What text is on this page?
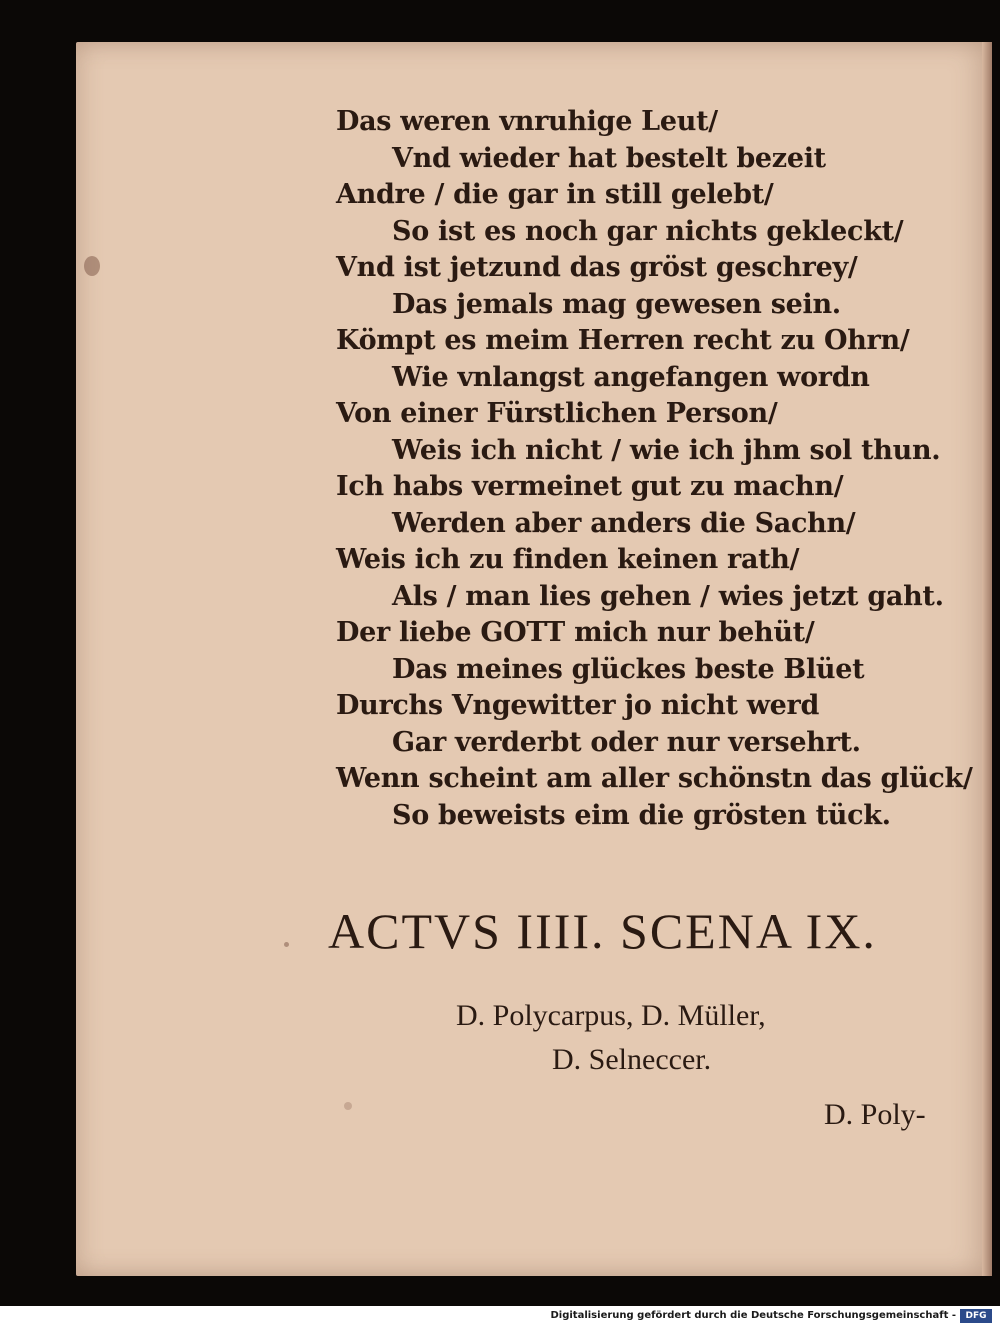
Das weren vnruhige Leut/
Vnd wieder hat bestelt bezeit
Andre / die gar in still gelebt/
So ist es noch gar nichts gekleckt/
Vnd ist jetzund das gröst geschrey/
Das jemals mag gewesen sein.
Kömpt es meim Herren recht zu Ohrn/
Wie vnlangst angefangen wordn
Von einer Fürstlichen Person/
Weis ich nicht / wie ich jhm sol thun.
Ich habs vermeinet gut zu machn/
Werden aber anders die Sachn/
Weis ich zu finden keinen rath/
Als / man lies gehen / wies jetzt gaht.
Der liebe GOTT mich nur behüt/
Das meines glückes beste Blüet
Durchs Vngewitter jo nicht werd
Gar verderbt oder nur versehrt.
Wenn scheint am aller schönstn das glück/
So beweists eim die grösten tück.
ACTVS IIII. SCENA IX.
D. Polycarpus, D. Müller,
D. Selneccer.
D. Poly-
Digitalisierung gefördert durch die Deutsche Forschungsgemeinschaft -	DFG
